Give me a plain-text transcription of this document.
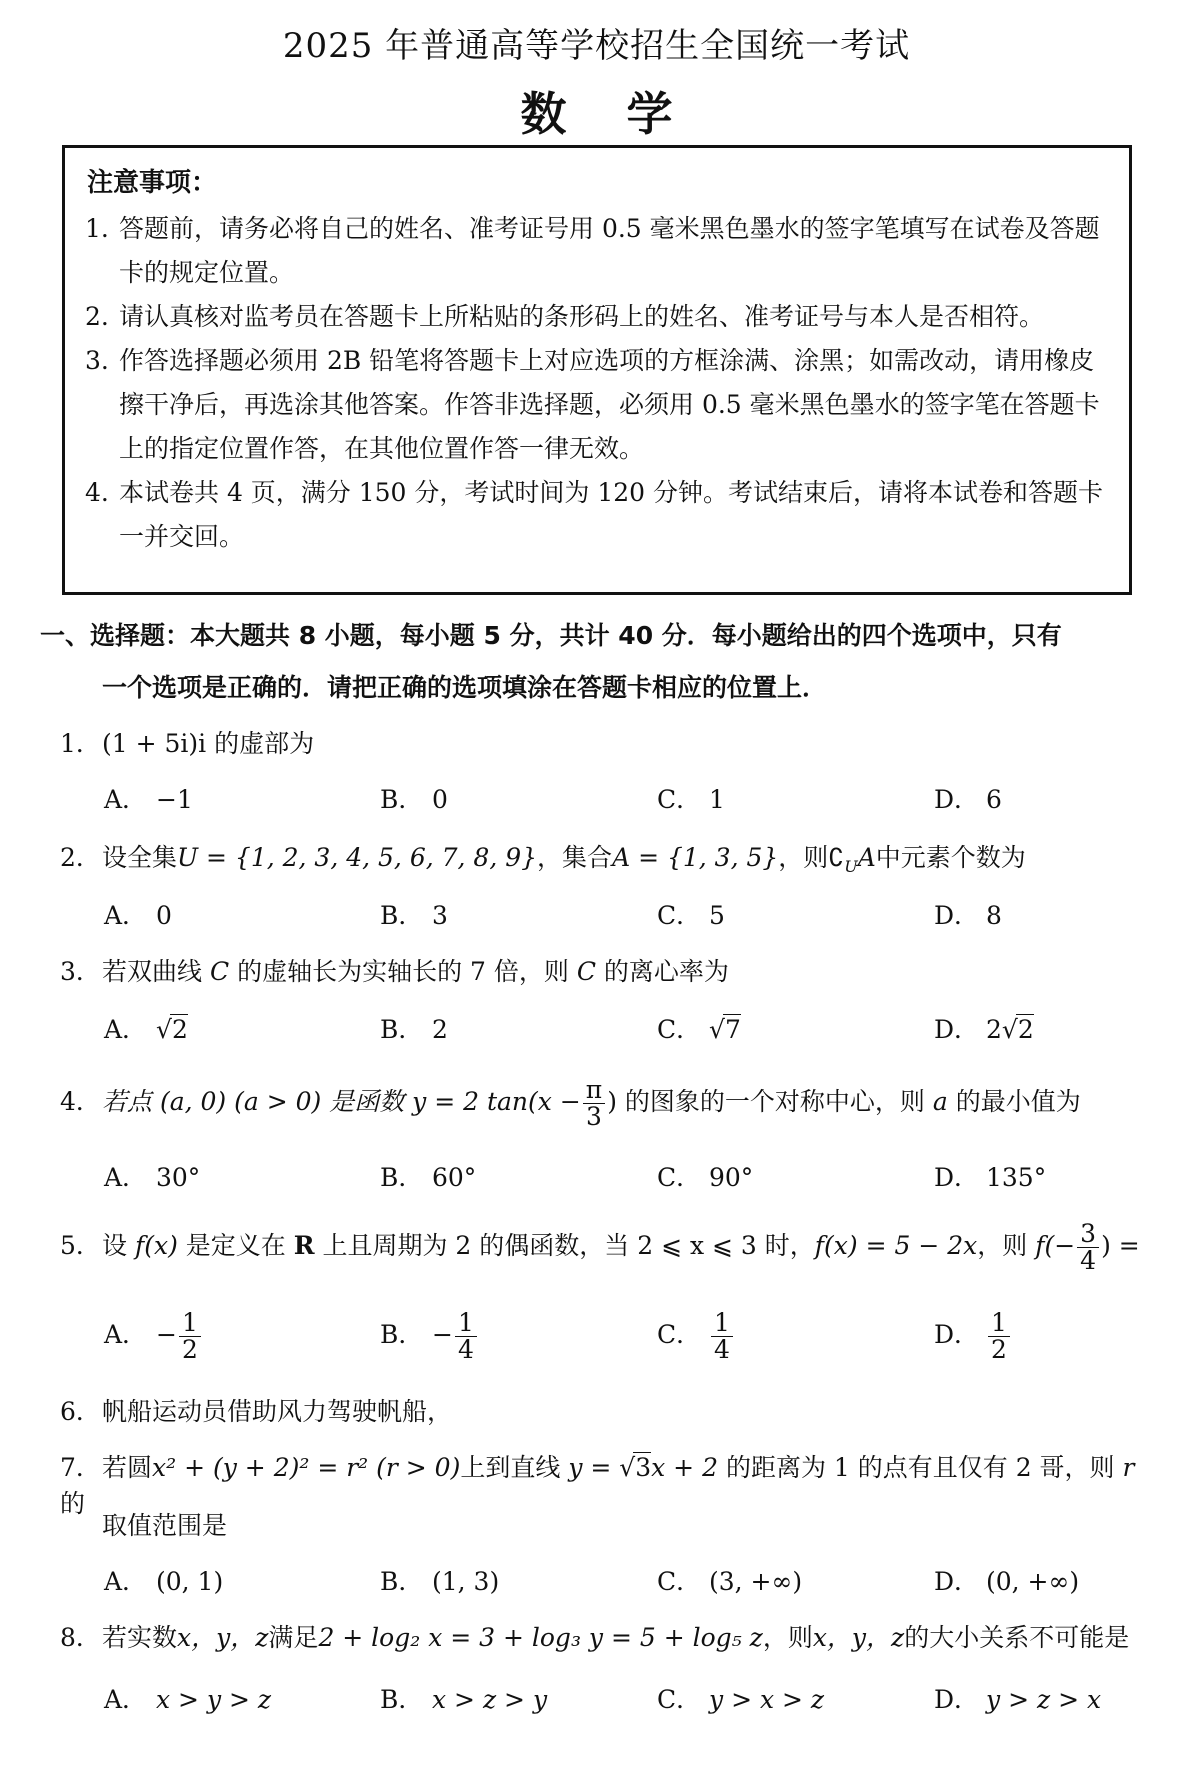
2025 年普通高等学校招生全国统一考试
数学
注意事项：
1. 答题前，请务必将自己的姓名、准考证号用 0.5 毫米黑色墨水的签字笔填写在试卷及答题卡的规定位置。
2. 请认真核对监考员在答题卡上所粘贴的条形码上的姓名、准考证号与本人是否相符。
3. 作答选择题必须用 2B 铅笔将答题卡上对应选项的方框涂满、涂黑；如需改动，请用橡皮擦干净后，再选涂其他答案。作答非选择题，必须用 0.5 毫米黑色墨水的签字笔在答题卡上的指定位置作答，在其他位置作答一律无效。
4. 本试卷共 4 页，满分 150 分，考试时间为 120 分钟。考试结束后，请将本试卷和答题卡一并交回。
一、选择题：本大题共 8 小题，每小题 5 分，共计 40 分．每小题给出的四个选项中，只有
一个选项是正确的．请把正确的选项填涂在答题卡相应的位置上．
1．(1 + 5i)i 的虚部为
A． −1	B． 0	C． 1	D． 6
2．设全集U = {1, 2, 3, 4, 5, 6, 7, 8, 9}，集合A = {1, 3, 5}，则$∁_UA$中元素个数为
A． 0	B． 3	C． 5	D． 8
3．若双曲线 C 的虚轴长为实轴长的 7 倍，则 C 的离心率为
A． √2	B． 2	C． √7	D． 2√2
4．若点 (a, 0) (a > 0) 是函数 y = 2 $\tan(x - \frac{\pi}{3}$ ) 的图象的一个对称中心，则 a 的最小值为
A． 30°	B． 60°	C． 90°	D． 135°
5．设 f(x) 是定义在 R 上且周期为 2 的偶函数，当 2 ⩽ x ⩽ 3 时，f(x) = 5 − 2x，则 $f(- \frac{3}{4}$ ) =
A． − $\frac{1}{2}$	B． − $\frac{1}{4}$	C． $\frac{1}{4}$	D． $\frac{1}{2}$
6．帆船运动员借助风力驾驶帆船，
7．若圆x² + (y + 2)² = r² (r > 0)上到直线 y = √3x + 2 的距离为 1 的点有且仅有 2 哥，则 r 的
取值范围是
A． (0, 1)	B． (1, 3)	C． (3, +∞)	D． (0, +∞)
8．若实数x，y，z满足2 + log₂ x = 3 + log₃ y = 5 + log₅ z，则x，y，z的大小关系不可能是
A． x > y > z	B． x > z > y	C． y > x > z	D． y > z > x
